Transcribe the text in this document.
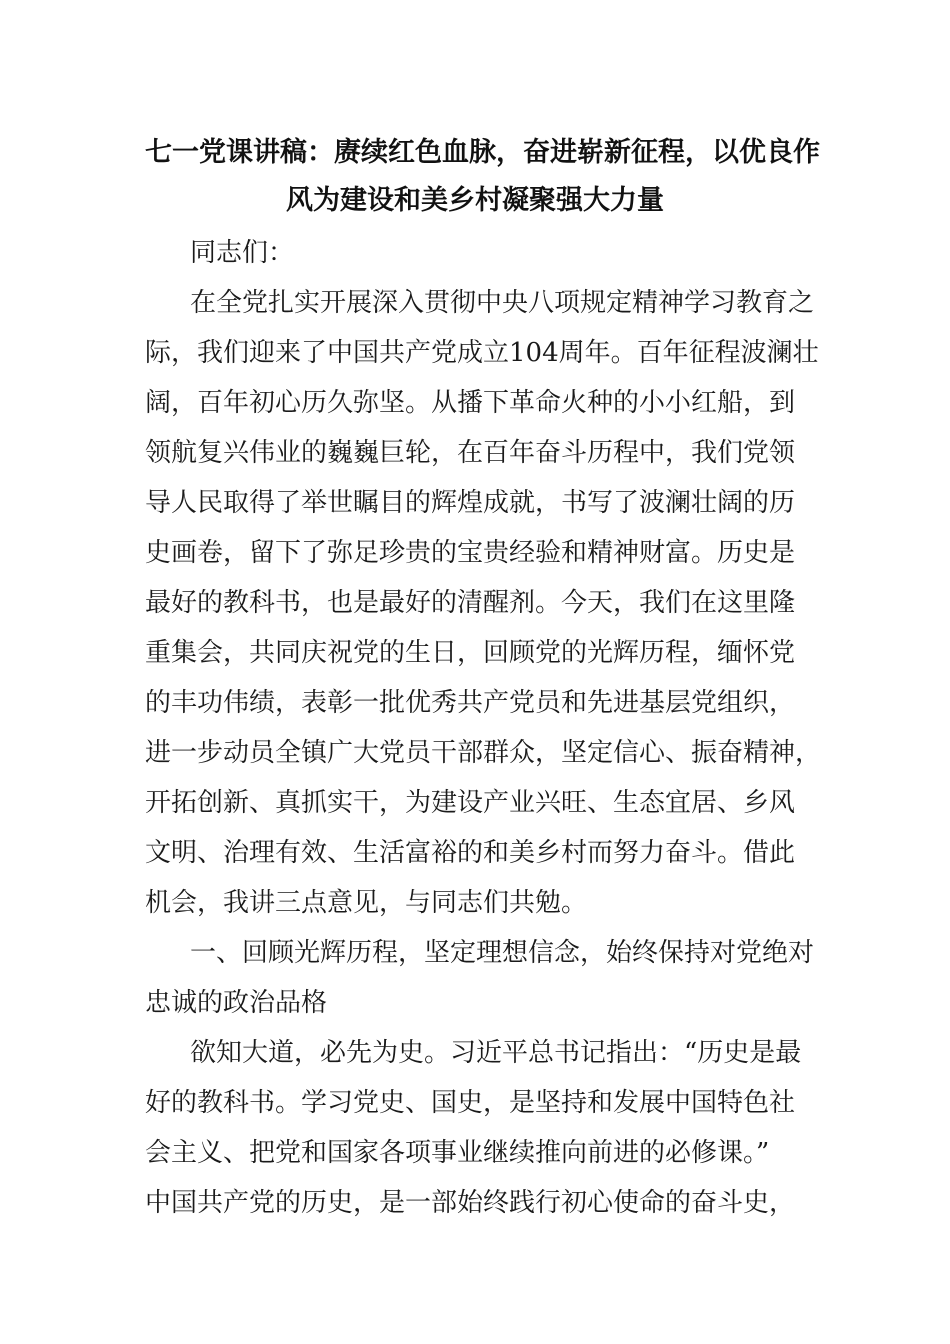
七一党课讲稿：赓续红色血脉，奋进崭新征程，以优良作
风为建设和美乡村凝聚强大力量
同志们：
在全党扎实开展深入贯彻中央八项规定精神学习教育之
际，我们迎来了中国共产党成立104周年。百年征程波澜壮
阔，百年初心历久弥坚。从播下革命火种的小小红船，到
领航复兴伟业的巍巍巨轮，在百年奋斗历程中，我们党领
导人民取得了举世瞩目的辉煌成就，书写了波澜壮阔的历
史画卷，留下了弥足珍贵的宝贵经验和精神财富。历史是
最好的教科书，也是最好的清醒剂。今天，我们在这里隆
重集会，共同庆祝党的生日，回顾党的光辉历程，缅怀党
的丰功伟绩，表彰一批优秀共产党员和先进基层党组织，
进一步动员全镇广大党员干部群众，坚定信心、振奋精神，
开拓创新、真抓实干，为建设产业兴旺、生态宜居、乡风
文明、治理有效、生活富裕的和美乡村而努力奋斗。借此
机会，我讲三点意见，与同志们共勉。
一、回顾光辉历程，坚定理想信念，始终保持对党绝对
忠诚的政治品格
欲知大道，必先为史。习近平总书记指出：“历史是最
好的教科书。学习党史、国史，是坚持和发展中国特色社
会主义、把党和国家各项事业继续推向前进的必修课。”
中国共产党的历史，是一部始终践行初心使命的奋斗史，
